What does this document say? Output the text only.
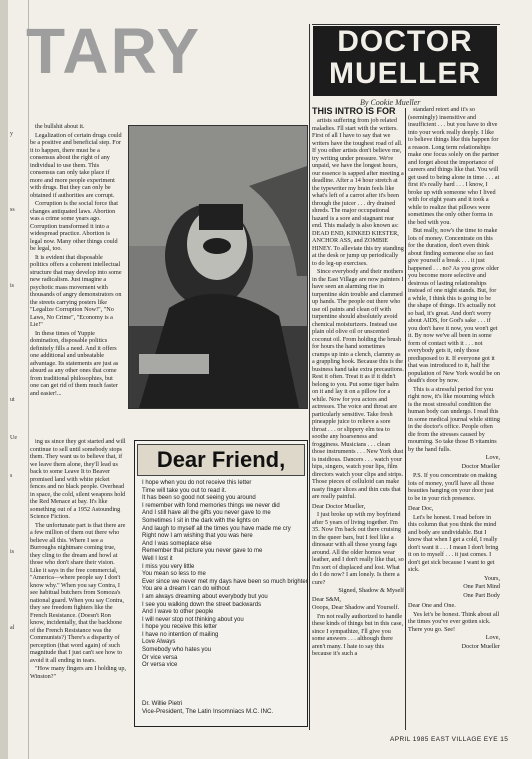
y
ss
is
ut
Ue
s
is
al
TARY	DOCTOR
MUELLER
By Cookie Mueller

the bullshit about it.

Legalization of certain drugs could be a positive and beneficial step. For it to happen, there must be a consensus about the right of any individual to use them. This consensus can only take place if more and more people experiment with drugs. But they can only be obtained if authorities are corrupt.

Corruption is the social force that changes antiquated laws. Abortion was a crime some years ago. Corruption transformed it into a widespread practice. Abortion is legal now. Many other things could be legal, too.

It is evident that disposable politics offers a coherent intellectual structure that may develop into some new radicalism. Just imagine a psychotic mass movement with thousands of angry demonstrators on the streets carrying posters like "Legalize Corruption Now!", "No Laws, No Crime", "Economy is a Lie!"

In these times of Yuppie domination, disposable politics definitely fills a need. And it offers one additional and unbeatable advantage. Its statements are just as absurd as any other ones that come from traditional philosophies, but one can get rid of them much faster and easier!...

ing us since they got started and will continue to sell until somebody stops them. They want us to believe that, if we leave them alone, they'll lead us back to some Leave It to Beaver promised land with white picket fences and no black people. Overhead in space, the cold, silent weapons hold the Red Menace at bay. It's like something out of a 1952 Astounding Science Fiction.

The unfortunate part is that there are a few million of them out there who believe all this. Where I see a Burroughs nightmare coming true, they cling to the dream and howl at those who don't share their vision. Like it says in the free commercial, "America—where people say I don't know why." When you say Contra, I see habitual butchers from Somoza's national guard. When you say Contra, they see freedom fighters like the French Resistance. (Doesn't Ron know, incidentally, that the backbone of the French Resistance was the Communists?) There's a disparity of perception (that word again) of such magnitude that I just can't see how to avoid it all ending in tears.

"How many fingers am I holding up, Winston?"

Dear Friend,
I hope when you do not receive this letter
Time will take you out to read it.
It has been so good not seeing you around
I remember with fond memories things we never did
And I still have all the gifts you never gave to me
Sometimes I sit in the dark with the lights on
And laugh to myself all the times you have made me cry
Right now I am wishing that you was here
And I was someplace else
Remember that picture you never gave to me
Well I lost it
I miss you very little
You mean so less to me
Ever since we never met my days have been so much brighter
You are a dream I can do without
I am always dreaming about everybody but you
I see you walking down the street backwards
And I wave to other people
I will never stop not thinking about you
I hope you receive this letter
I have no intention of mailing
Love Always
Somebody who hates you
Or vice versa
Or versa vice
Dr. Willie Pietri
Vice-President, The Latin Insomniacs M.C. INC.
THIS INTRO IS FOR

artists suffering from job related maladies. I'll start with the writers. First of all I have to say that we writers have the toughest road of all. If you other artists don't believe me, try writing under pressure. We're unpaid, we have the longest hours, our essence is sapped after meeting a deadline. After a 14 hour stretch at the typewriter my brain feels like what's left of a carrot after it's been through the juicer . . . dry drained shreds. The major occupational hazard is a sore and stagnant rear end. This malady is also known as: DEAD END, KINKED KIESTER, ANCHOR ASS, and ZOMBIE HINEY. To alleviate this try standing at the desk or jump up periodically to do leg-up exercises.

Since everybody and their mothers in the East Village are now painters I have seen an alarming rise in turpentine skin trouble and clammed up hands. The people out there who use oil paints and clean off with turpentine should absolutely avoid chemical moisturizers. Instead use plain old olive oil or unscented coconut oil. From holding the brush for hours the hand sometimes cramps up into a clench, clammy as a grappling hook. Because this is the business hand take extra precautions. Rest it often. Treat it as if it didn't belong to you. Put some tiger balm on it and lay it on a pillow for a while. Now for you actors and actresses. The voice and throat are particularly sensitive. Take fresh pineapple juice to relieve a sore throat . . . or slippery elm tea to soothe any hoarseness and frogginess. Musicians . . . clean those instruments . . . New York dust is insidious. Dancers . . . watch your hips, singers, watch your lips, film directors watch your clips and strips. Those pieces of celluloid can make nasty finger slices and thin cuts that are really painful.

Dear Doctor Mueller,

I just broke up with my boyfriend after 5 years of living together. I'm 35. Now I'm back out there cruising in the queer bars, but I feel like a dinosaur with all those young fags around. All the older homos wear leather, and I don't really like that, so I'm sort of displaced and lost. What do I do now? I am lonely. Is there a cure?

Signed, Shadow & Myself

Dear S&M,

Ooops, Dear Shadow and Yourself.

I'm not really authorized to handle these kinds of things but in this case, since I sympathize, I'll give you some answers . . . although there aren't many. I hate to say this because it's such a

standard retort and it's so (seemingly) insensitive and insufficient . . . but you have to dive into your work really deeply. I like to believe things like this happen for a reason. Long term relationships make one focus solely on the partner and forget about the importance of careers and things like that. You will get used to being alone in time . . . at first it's really hard . . . I know, I broke up with someone who I lived with for eight years and it took a while to realize that pillows were sometimes the only other forms in the bed with you.

But really, now's the time to make lots of money. Concentrate on this for the duration, don't even think about finding someone else so fast give yourself a break . . . it just happened . . . no? As you grow older you become more selective and desirous of lasting relationships instead of one night stands. But, for a while, I think this is going to be the shape of things. It's actually not so bad, it's great. And don't worry about AIDS, for God's sake . . . if you don't have it now, you won't get it. By now we've all been in some form of contact with it . . . not everybody gets it, only those predisposed to it. If everyone got it that was introduced to it, half the population of New York would be on death's door by now.

This is a stressful period for you right now, it's like mourning which is the most stressful condition the human body can undergo. I read this in some medical journal while sitting in the doctor's office. People often die from the stresses caused by mourning. So take those B vitamins by the hand fulls.

Love,

Doctor Mueller

P.S. If you concentrate on making lots of money, you'll have all those beauties hanging on your door just to be in your rich presence.

Dear Doc,

Let's be honest. I read before in this column that you think the mind and body are undividable. But I know that when I get a cold, I really don't want it . . . I mean I don't bring it on to myself . . . it just comes. I don't get sick because I want to get sick.

Yours,

One Part Mind

One Part Body

Dear One and One.

Yes let's be honest. Think about all the times you've ever gotten sick. There you go. See!

Love,

Doctor Mueller

APRIL 1985 EAST VILLAGE EYE 15
